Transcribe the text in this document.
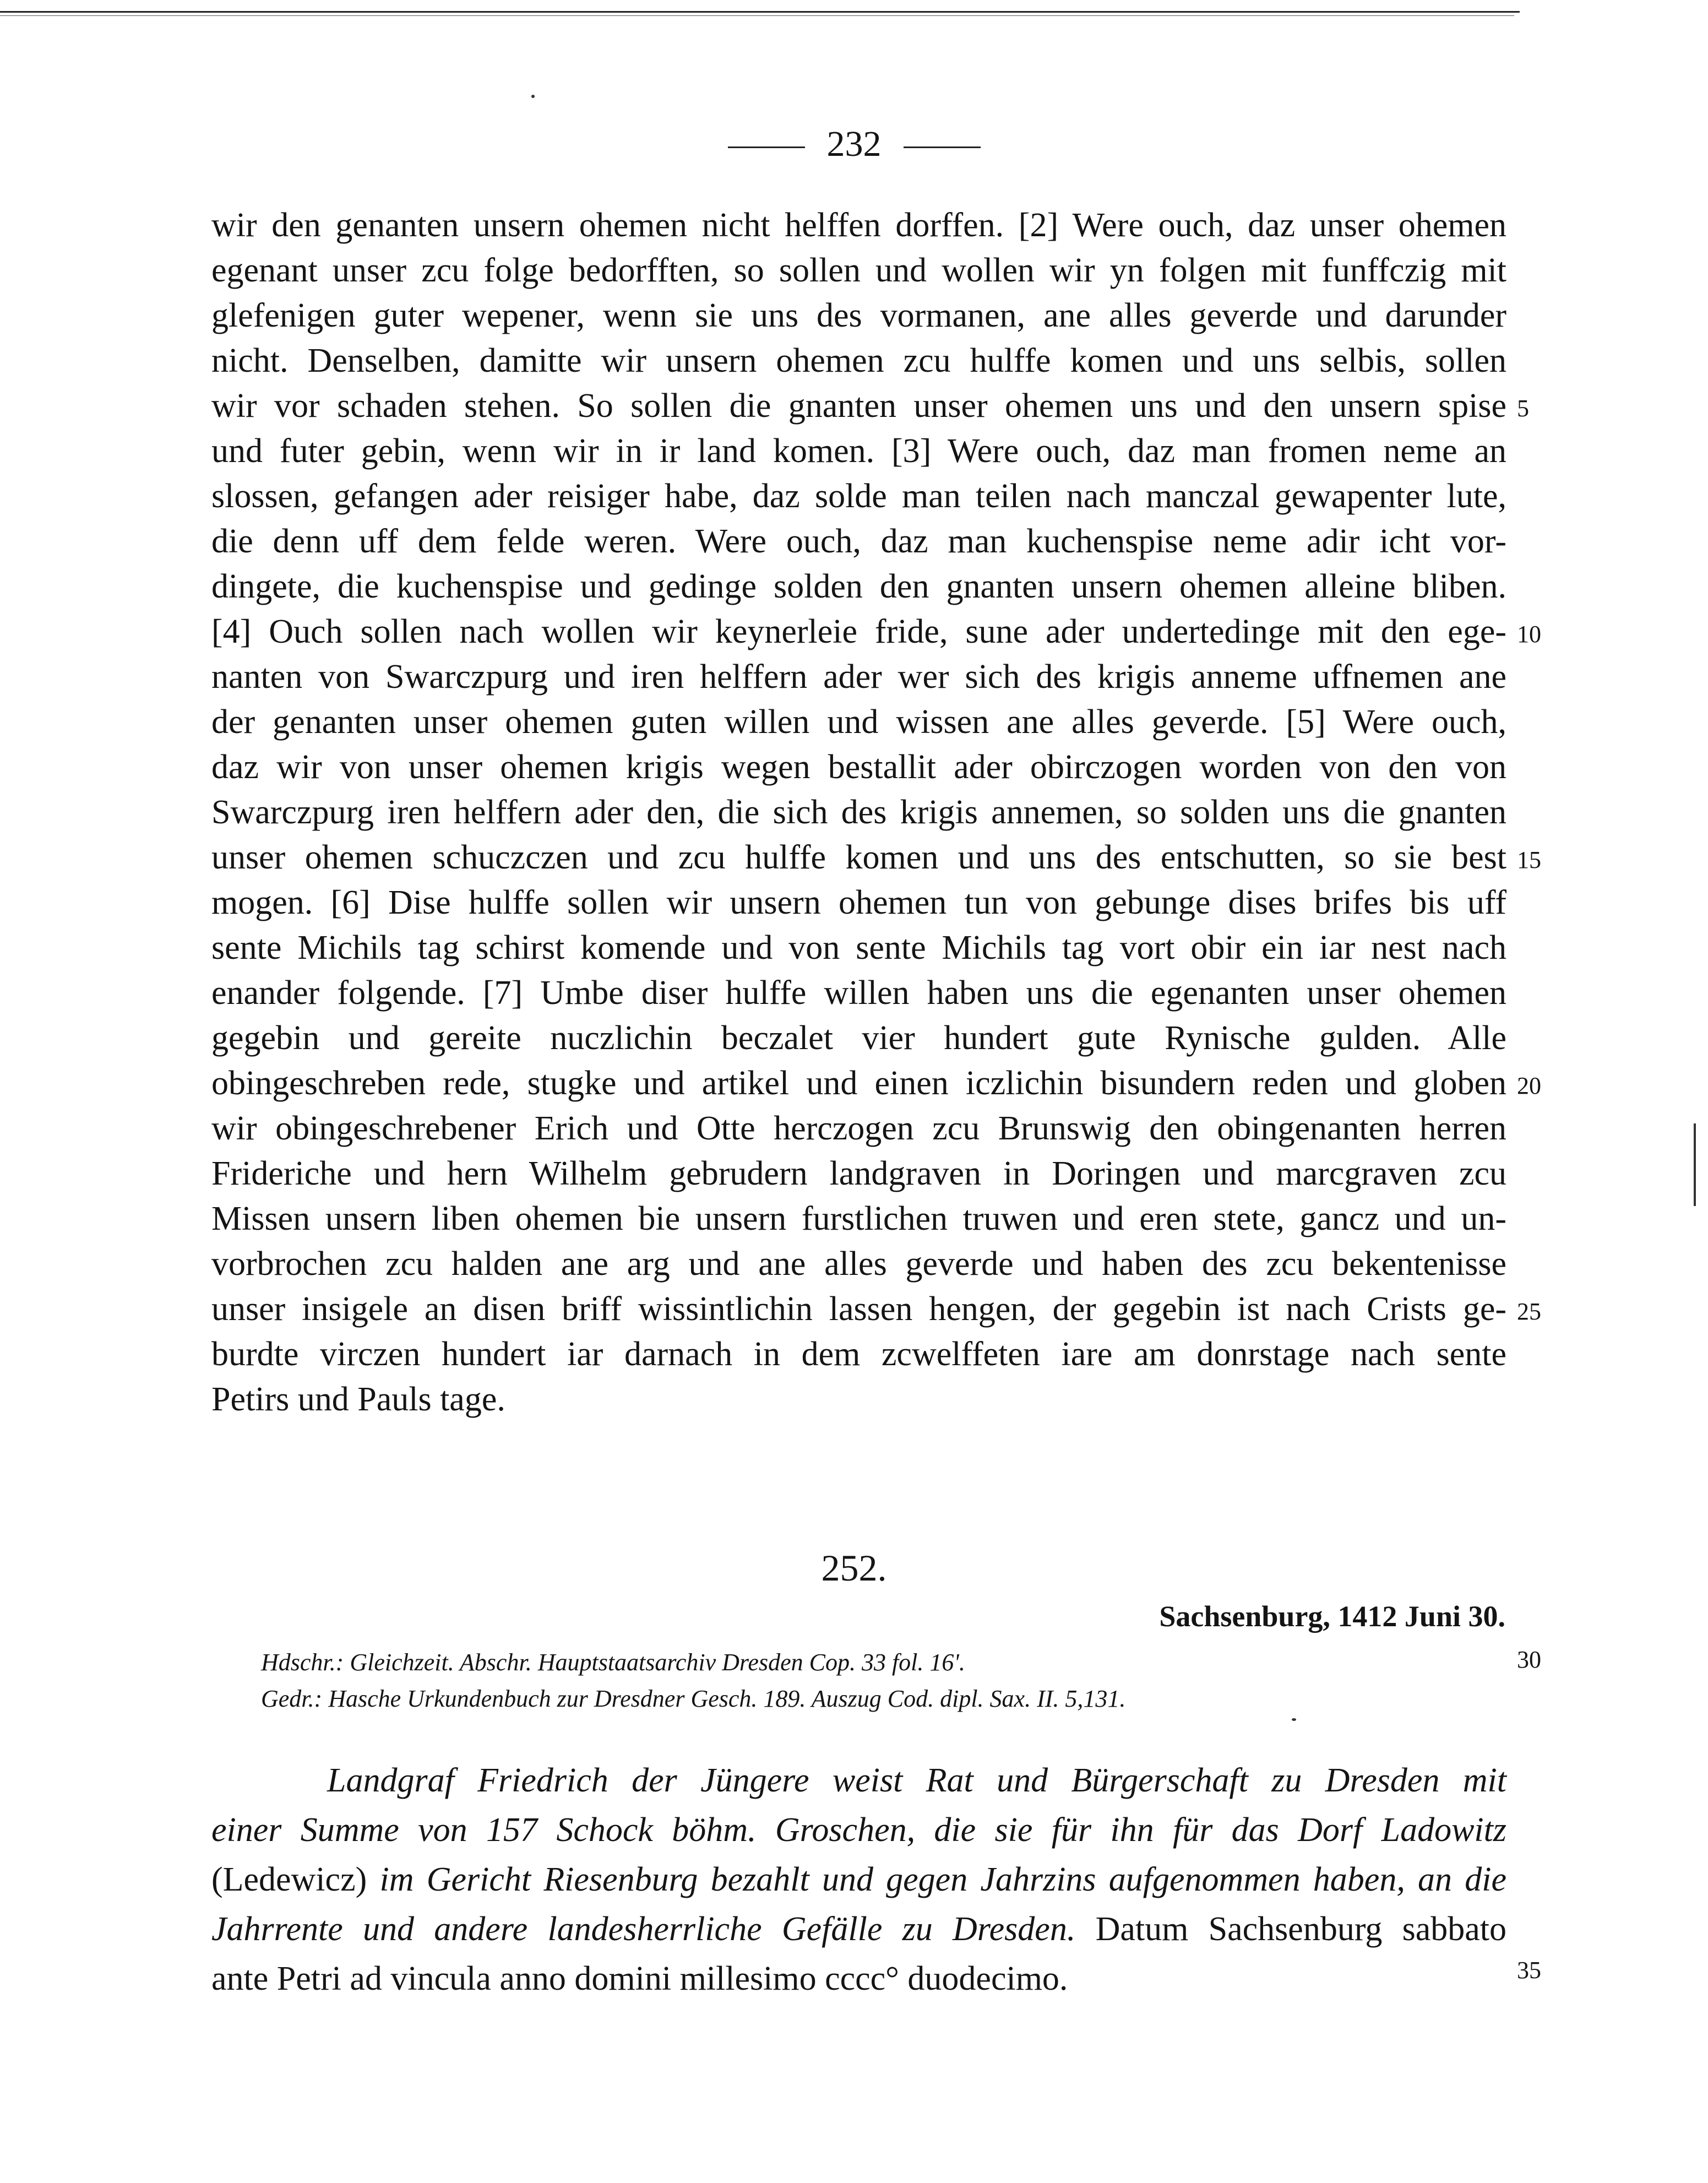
232
wir den genanten unsern ohemen nicht helffen dorffen. [2] Were ouch, daz unser ohemen
egenant unser zcu folge bedorfften, so sollen und wollen wir yn folgen mit funffczig mit
glefenigen guter wepener, wenn sie uns des vormanen, ane alles geverde und darunder
nicht. Denselben, damitte wir unsern ohemen zcu hulffe komen und uns selbis, sollen
wir vor schaden stehen. So sollen die gnanten unser ohemen uns und den unsern spise
und futer gebin, wenn wir in ir land komen. [3] Were ouch, daz man fromen neme an
slossen, gefangen ader reisiger habe, daz solde man teilen nach manczal gewapenter lute,
die denn uff dem felde weren. Were ouch, daz man kuchenspise neme adir icht vor-
dingete, die kuchenspise und gedinge solden den gnanten unsern ohemen alleine bliben.
[4] Ouch sollen nach wollen wir keynerleie fride, sune ader undertedinge mit den ege-
nanten von Swarczpurg und iren helffern ader wer sich des krigis anneme uffnemen ane
der genanten unser ohemen guten willen und wissen ane alles geverde. [5] Were ouch,
daz wir von unser ohemen krigis wegen bestallit ader obirczogen worden von den von
Swarczpurg iren helffern ader den, die sich des krigis annemen, so solden uns die gnanten
unser ohemen schuczczen und zcu hulffe komen und uns des entschutten, so sie best
mogen. [6] Dise hulffe sollen wir unsern ohemen tun von gebunge dises brifes bis uff
sente Michils tag schirst komende und von sente Michils tag vort obir ein iar nest nach
enander folgende. [7] Umbe diser hulffe willen haben uns die egenanten unser ohemen
gegebin und gereite nuczlichin beczalet vier hundert gute Rynische gulden. Alle
obingeschreben rede, stugke und artikel und einen iczlichin bisundern reden und globen
wir obingeschrebener Erich und Otte herczogen zcu Brunswig den obingenanten herren
Frideriche und hern Wilhelm gebrudern landgraven in Doringen und marcgraven zcu
Missen unsern liben ohemen bie unsern furstlichen truwen und eren stete, gancz und un-
vorbrochen zcu halden ane arg und ane alles geverde und haben des zcu bekentenisse
unser insigele an disen briff wissintlichin lassen hengen, der gegebin ist nach Crists ge-
burdte virczen hundert iar darnach in dem zcwelffeten iare am donrstage nach sente
Petirs und Pauls tage.
5
10
15
20
25
252.
Sachsenburg, 1412 Juni 30.
Hdschr.: Gleichzeit. Abschr. Hauptstaatsarchiv Dresden Cop. 33 fol. 16'.
Gedr.: Hasche Urkundenbuch zur Dresdner Gesch. 189. Auszug Cod. dipl. Sax. II. 5,131.
30
Landgraf Friedrich der Jüngere weist Rat und Bürgerschaft zu Dresden mit
einer Summe von 157 Schock böhm. Groschen, die sie für ihn für das Dorf Ladowitz
(Ledewicz) im Gericht Riesenburg bezahlt und gegen Jahrzins aufgenommen haben, an die
Jahrrente und andere landesherrliche Gefälle zu Dresden. Datum Sachsenburg sabbato
ante Petri ad vincula anno domini millesimo cccc° duodecimo.	35
